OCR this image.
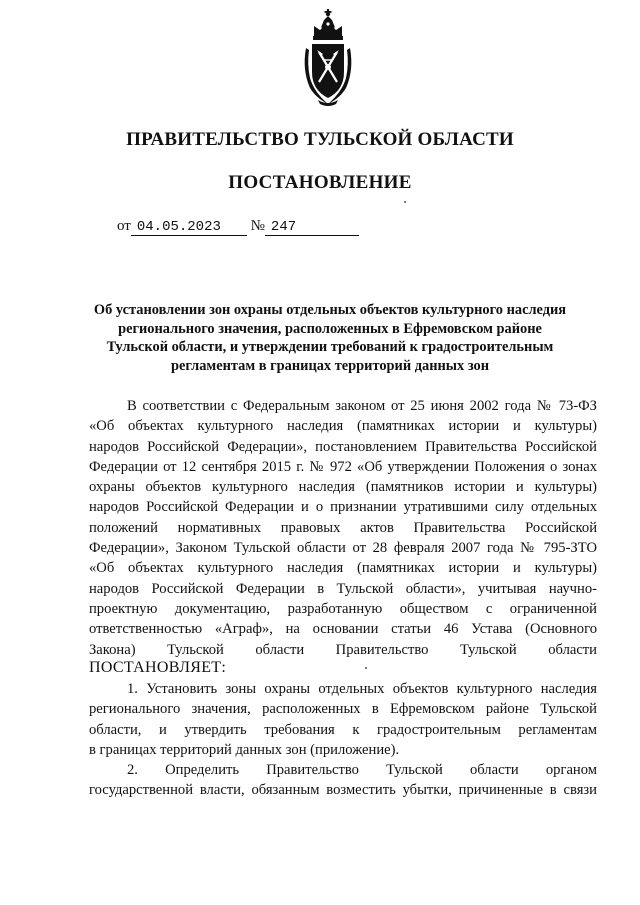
ПРАВИТЕЛЬСТВО ТУЛЬСКОЙ ОБЛАСТИ
ПОСТАНОВЛЕНИЕ
от 04.05.2023 № 247
Об установлении зон охраны отдельных объектов культурного наследия
регионального значения, расположенных в Ефремовском районе
Тульской области, и утверждении требований к градостроительным
регламентам в границах территорий данных зон
В соответствии с Федеральным законом от 25 июня 2002 года № 73-ФЗ
«Об объектах культурного наследия (памятниках истории и культуры)
народов Российской Федерации», постановлением Правительства Российской
Федерации от 12 сентября 2015 г. № 972 «Об утверждении Положения о зонах
охраны объектов культурного наследия (памятников истории и культуры)
народов Российской Федерации и о признании утратившими силу отдельных
положений нормативных правовых актов Правительства Российской
Федерации», Законом Тульской области от 28 февраля 2007 года № 795-ЗТО
«Об объектах культурного наследия (памятниках истории и культуры)
народов Российской Федерации в Тульской области», учитывая научно-
проектную документацию, разработанную обществом с ограниченной
ответственностью «Аграф», на основании статьи 46 Устава (Основного
Закона) Тульской области Правительство Тульской области
ПОСТАНОВЛЯЕТ:
1. Установить зоны охраны отдельных объектов культурного наследия
регионального значения, расположенных в Ефремовском районе Тульской
области, и утвердить требования к градостроительным регламентам
в границах территорий данных зон (приложение).
2. Определить Правительство Тульской области органом
государственной власти, обязанным возместить убытки, причиненные в связи
